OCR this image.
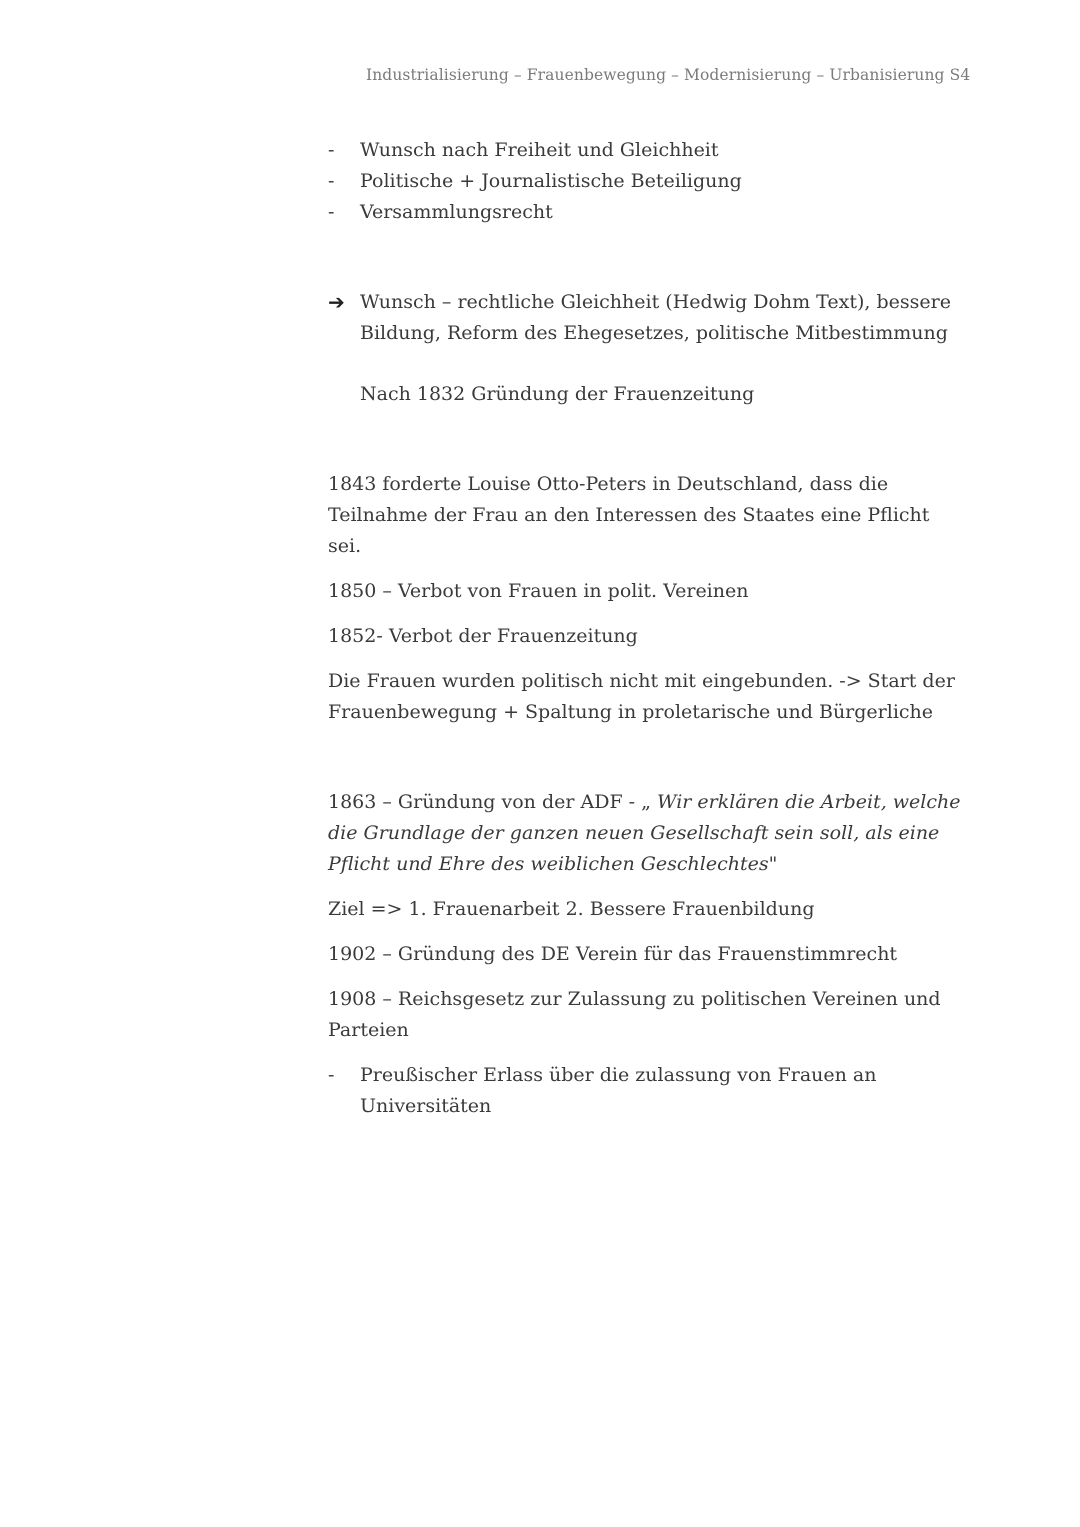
Industrialisierung – Frauenbewegung – Modernisierung – Urbanisierung S4
- Wunsch nach Freiheit und Gleichheit
- Politische + Journalistische Beteiligung
- Versammlungsrecht
➔ Wunsch – rechtliche Gleichheit (Hedwig Dohm Text), bessere Bildung, Reform des Ehegesetzes, politische Mitbestimmung
Nach 1832 Gründung der Frauenzeitung

1843 forderte Louise Otto-Peters in Deutschland, dass die Teilnahme der Frau an den Interessen des Staates eine Pflicht sei.

1850 – Verbot von Frauen in polit. Vereinen

1852- Verbot der Frauenzeitung

Die Frauen wurden politisch nicht mit eingebunden. -> Start der Frauenbewegung + Spaltung in proletarische und Bürgerliche

1863 – Gründung von der ADF - „ Wir erklären die Arbeit, welche die Grundlage der ganzen neuen Gesellschaft sein soll, als eine Pflicht und Ehre des weiblichen Geschlechtes"

Ziel => 1. Frauenarbeit 2. Bessere Frauenbildung

1902 – Gründung des DE Verein für das Frauenstimmrecht

1908 – Reichsgesetz zur Zulassung zu politischen Vereinen und Parteien

- Preußischer Erlass über die zulassung von Frauen an Universitäten
